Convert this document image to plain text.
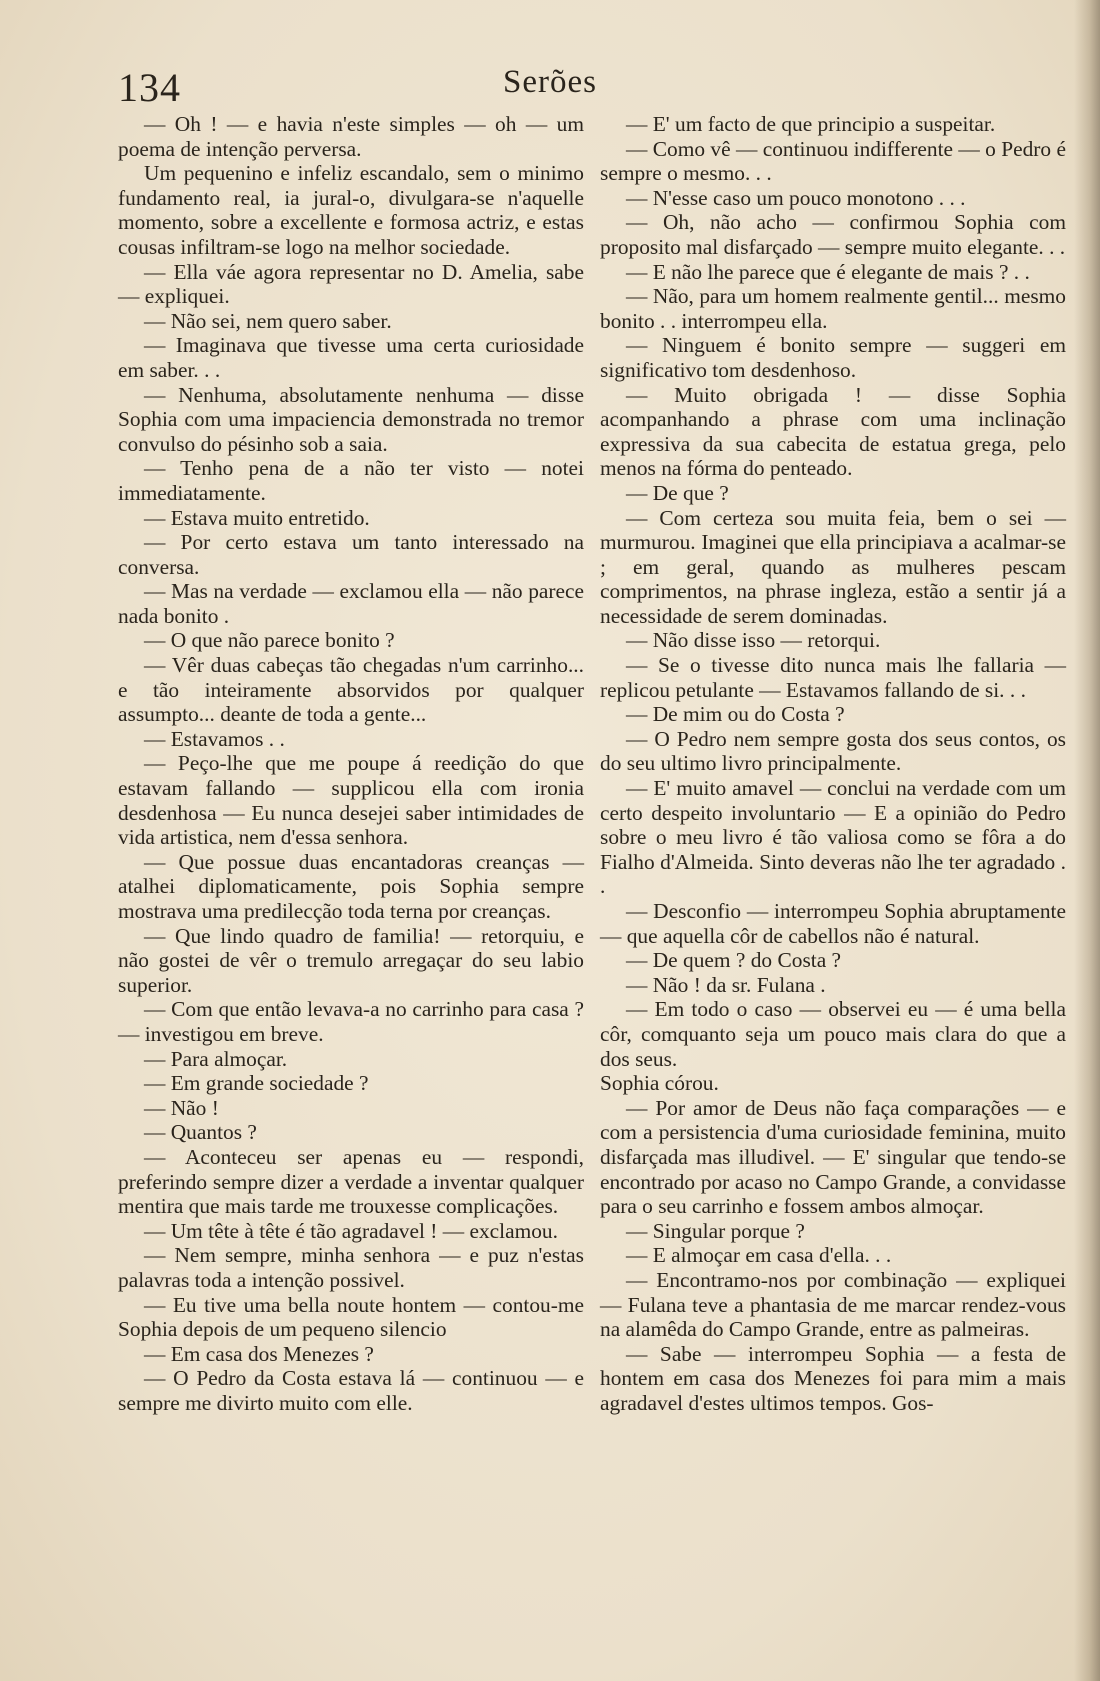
134	Serões

— Oh ! — e havia n'este simples — oh — um poema de intenção perversa.

Um pequenino e infeliz escandalo, sem o minimo fundamento real, ia jural-o, divulgara-se n'aquelle momento, sobre a excellente e formosa actriz, e estas cousas infiltram-se logo na melhor sociedade.

— Ella váe agora representar no D. Amelia, sabe — expliquei.

— Não sei, nem quero saber.

— Imaginava que tivesse uma certa curiosidade em saber. . .

— Nenhuma, absolutamente nenhuma — disse Sophia com uma impaciencia demonstrada no tremor convulso do pésinho sob a saia.

— Tenho pena de a não ter visto — notei immediatamente.

— Estava muito entretido.

— Por certo estava um tanto interessado na conversa.

— Mas na verdade — exclamou ella — não parece nada bonito .

— O que não parece bonito ?

— Vêr duas cabeças tão chegadas n'um carrinho... e tão inteiramente absorvidos por qualquer assumpto... deante de toda a gente...

— Estavamos . .

— Peço-lhe que me poupe á reedição do que estavam fallando — supplicou ella com ironia desdenhosa — Eu nunca desejei saber intimidades de vida artistica, nem d'essa senhora.

— Que possue duas encantadoras creanças — atalhei diplomaticamente, pois Sophia sempre mostrava uma predilecção toda terna por creanças.

— Que lindo quadro de familia! — retorquiu, e não gostei de vêr o tremulo arregaçar do seu labio superior.

— Com que então levava-a no carrinho para casa ? — investigou em breve.

— Para almoçar.

— Em grande sociedade ?

— Não !

— Quantos ?

— Aconteceu ser apenas eu — respondi, preferindo sempre dizer a verdade a inventar qualquer mentira que mais tarde me trouxesse complicações.

— Um tête à tête é tão agradavel ! — exclamou.

— Nem sempre, minha senhora — e puz n'estas palavras toda a intenção possivel.

— Eu tive uma bella noute hontem — contou-me Sophia depois de um pequeno silencio

— Em casa dos Menezes ?

— O Pedro da Costa estava lá — continuou — e sempre me divirto muito com elle.

— E' um facto de que principio a suspeitar.

— Como vê — continuou indifferente — o Pedro é sempre o mesmo. . .

— N'esse caso um pouco monotono . . .

— Oh, não acho — confirmou Sophia com proposito mal disfarçado — sempre muito elegante. . .

— E não lhe parece que é elegante de mais ? . .

— Não, para um homem realmente gentil... mesmo bonito . . interrompeu ella.

— Ninguem é bonito sempre — suggeri em significativo tom desdenhoso.

— Muito obrigada ! — disse Sophia acompanhando a phrase com uma inclinação expressiva da sua cabecita de estatua grega, pelo menos na fórma do penteado.

— De que ?

— Com certeza sou muita feia, bem o sei — murmurou. Imaginei que ella principiava a acalmar-se ; em geral, quando as mulheres pescam comprimentos, na phrase ingleza, estão a sentir já a necessidade de serem dominadas.

— Não disse isso — retorqui.

— Se o tivesse dito nunca mais lhe fallaria — replicou petulante — Estavamos fallando de si. . .

— De mim ou do Costa ?

— O Pedro nem sempre gosta dos seus contos, os do seu ultimo livro principalmente.

— E' muito amavel — conclui na verdade com um certo despeito involuntario — E a opinião do Pedro sobre o meu livro é tão valiosa como se fôra a do Fialho d'Almeida. Sinto deveras não lhe ter agradado . .

— Desconfio — interrompeu Sophia abruptamente — que aquella côr de cabellos não é natural.

— De quem ? do Costa ?

— Não ! da sr. Fulana .

— Em todo o caso — observei eu — é uma bella côr, comquanto seja um pouco mais clara do que a dos seus.

Sophia córou.

— Por amor de Deus não faça comparações — e com a persistencia d'uma curiosidade feminina, muito disfarçada mas illudivel. — E' singular que tendo-se encontrado por acaso no Campo Grande, a convidasse para o seu carrinho e fossem ambos almoçar.

— Singular porque ?

— E almoçar em casa d'ella. . .

— Encontramo-nos por combinação — expliquei — Fulana teve a phantasia de me marcar rendez-vous na alamêda do Campo Grande, entre as palmeiras.

— Sabe — interrompeu Sophia — a festa de hontem em casa dos Menezes foi para mim a mais agradavel d'estes ultimos tempos. Gos-
